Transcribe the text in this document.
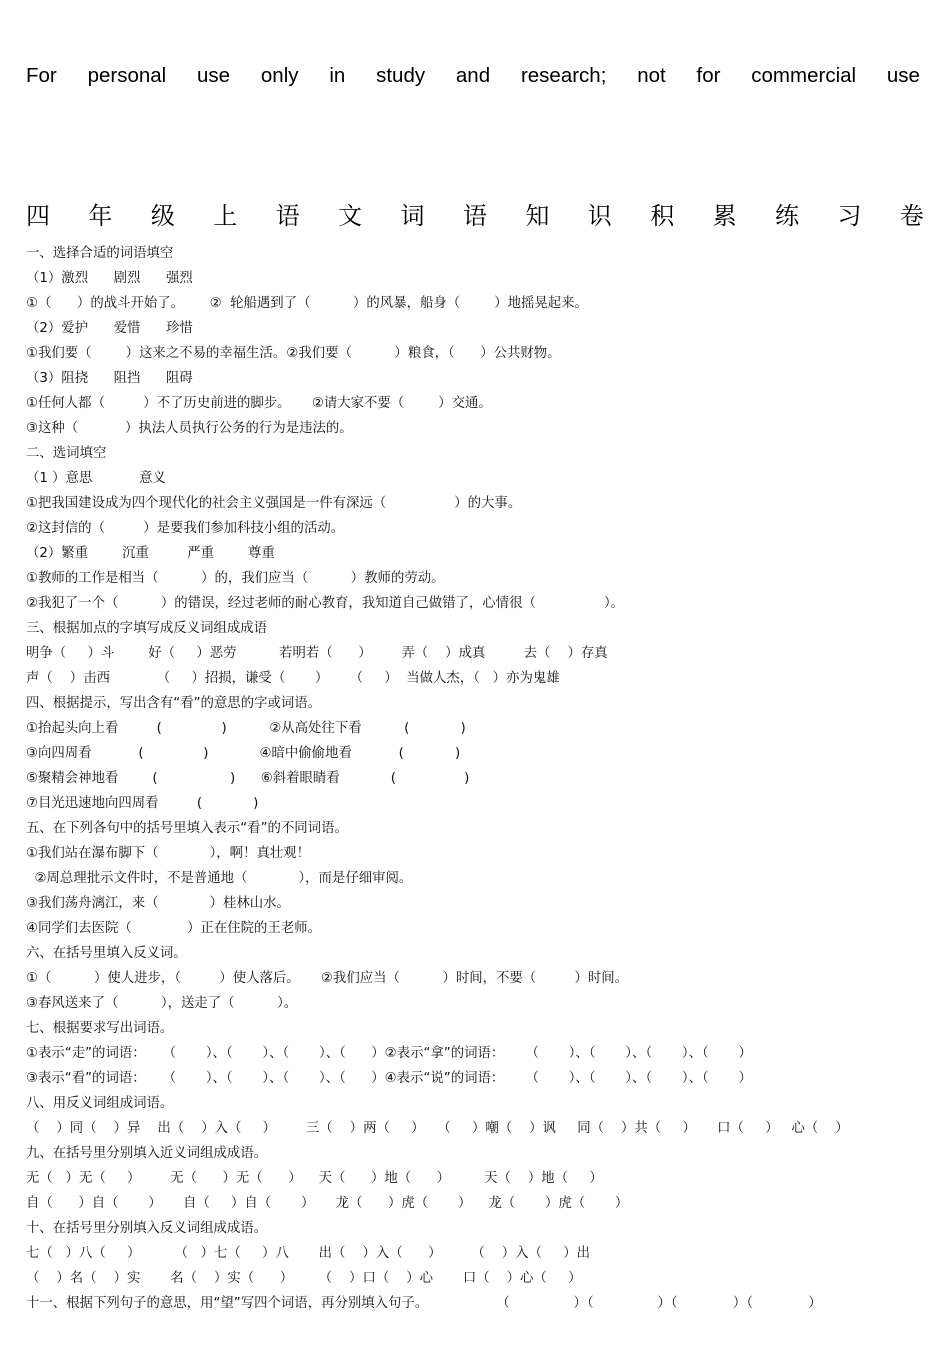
For personal use only in study and research; not for commercial use
四 年 级 上 语 文 词 语 知 识 积 累 练 习 卷
一、选择合适的词语填空
（1）激烈      剧烈      强烈
①（      ）的战斗开始了。      ②  轮船遇到了（          ）的风暴，船身（        ）地摇晃起来。
（2）爱护      爱惜      珍惜
①我们要（        ）这来之不易的幸福生活。②我们要（          ）粮食，（      ）公共财物。
（3）阻挠      阻挡      阻碍
①任何人都（         ）不了历史前进的脚步。     ②请大家不要（        ）交通。
③这种（           ）执法人员执行公务的行为是违法的。
二、选词填空
（1 ）意思           意义
①把我国建设成为四个现代化的社会主义强国是一件有深远（                ）的大事。
②这封信的（         ）是要我们参加科技小组的活动。
（2）繁重        沉重         严重        尊重
①教师的工作是相当（          ）的，我们应当（          ）教师的劳动。
②我犯了一个（          ）的错误，经过老师的耐心教育，我知道自己做错了，心情很（                ）。
三、根据加点的字填写成反义词组成成语
明争（     ）斗        好（     ）恶劳          若明若（      ）       弄（    ）成真         去（    ）存真
声（    ）击西           （     ）招损，谦受（       ）     （     ）  当做人杰，（   ）亦为鬼雄
四、根据提示，写出含有“看”的意思的字或词语。
①抬起头向上看         (              )          ②从高处往下看          (            )
③向四周看           (              )            ④暗中偷偷地看           (            )
⑤聚精会神地看        (                 )      ⑥斜着眼睛看            (                )
⑦目光迅速地向四周看         (            )
五、在下列各句中的括号里填入表示“看”的不同词语。
①我们站在瀑布脚下（            ），啊！真壮观！
②周总理批示文件时，不是普通地（            ），而是仔细审阅。
③我们荡舟漓江，来（            ）桂林山水。
④同学们去医院（             ）正在住院的王老师。
六、在括号里填入反义词。
①（          ）使人进步，（         ）使人落后。     ②我们应当（          ）时间，不要（         ）时间。
③春风送来了（          ），送走了（          ）。
七、根据要求写出词语。
①表示“走”的词语：    （       ）、（       ）、（       ）、（      ）②表示“拿”的词语：     （       ）、（       ）、（       ）、（       ）
③表示“看”的词语：    （       ）、（       ）、（       ）、（      ）④表示“说”的词语：     （       ）、（       ）、（       ）、（       ）
八、用反义词组成词语。
（    ）同（    ）异    出（    ）入（     ）       三（    ）两（     ）   （     ）嘲（    ）讽     同（    ）共（     ）     口（     ）   心（    ）
九、在括号里分别填入近义词组成成语。
无（   ）无（     ）       无（      ）无（      ）    天（      ）地（      ）        天（    ）地（     ）
自（      ）自（       ）     自（     ）自（       ）     龙（      ）虎（       ）    龙（       ）虎（       ）
十、在括号里分别填入反义词组成成语。
七（   ）八（     ）        （   ）七（     ）八       出（    ）入（      ）       （    ）入（     ）出
（    ）名（    ）实       名（    ）实（      ）      （    ）口（    ）心       口（    ）心（     ）
十一、根据下列句子的意思，用“望”写四个词语，再分别填入句子。                （               ）（               ）（             ）（             ）
